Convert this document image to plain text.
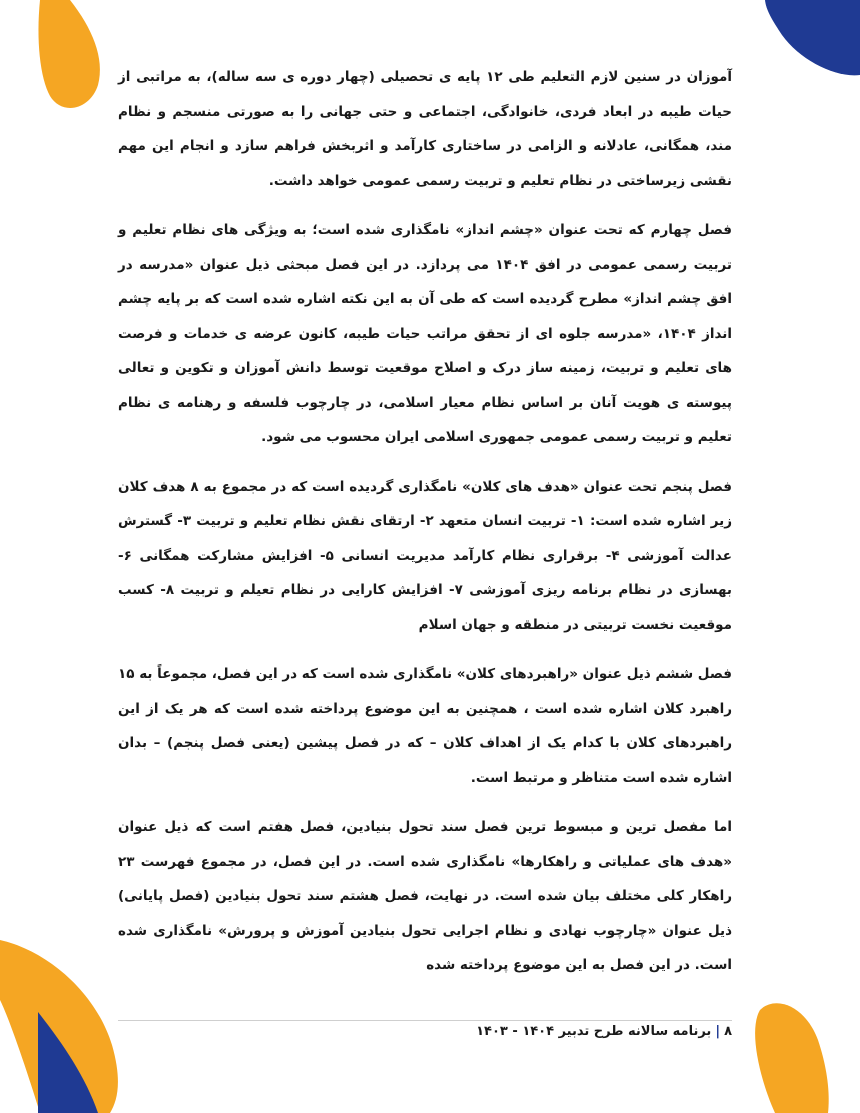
آموزان در سنین لازم التعلیم طی ۱۲ پایه ی تحصیلی (چهار دوره ی سه ساله)، به مراتبی از حیات طیبه در ابعاد فردی، خانوادگی، اجتماعی و حتی جهانی را به صورتی منسجم و نظام مند، همگانی، عادلانه و الزامی در ساختاری کارآمد و اثربخش فراهم سازد و انجام این مهم نقشی زیرساختی در نظام تعلیم و تربیت رسمی عمومی خواهد داشت.

فصل چهارم که تحت عنوان «چشم انداز» نامگذاری شده است؛ به ویژگی های نظام تعلیم و تربیت رسمی عمومی در افق ۱۴۰۴ می پردازد. در این فصل مبحثی ذیل عنوان «مدرسه در افق چشم انداز» مطرح گردیده است که طی آن به این نکته اشاره شده است که بر پایه چشم انداز ۱۴۰۴، «مدرسه جلوه ای از تحقق مراتب حیات طیبه، کانون عرضه ی خدمات و فرصت های تعلیم و تربیت، زمینه ساز درک و اصلاح موقعیت توسط دانش آموزان و تکوین و تعالی پیوسته ی هویت آنان بر اساس نظام معیار اسلامی، در چارچوب فلسفه و رهنامه ی نظام تعلیم و تربیت رسمی عمومی جمهوری اسلامی ایران محسوب می شود.

فصل پنجم تحت عنوان «هدف های کلان» نامگذاری گردیده است که در مجموع به ۸ هدف کلان زیر اشاره شده است: ۱- تربیت انسان متعهد ۲- ارتقای نقش نظام تعلیم و تربیت ۳- گسترش عدالت آموزشی ۴- برقراری نظام کارآمد مدیریت انسانی ۵- افزایش مشارکت همگانی ۶- بهسازی در نظام برنامه ریزی آموزشی ۷- افزایش کارایی در نظام تعیلم و تربیت ۸- کسب موقعیت نخست تربیتی در منطقه و جهان اسلام

فصل ششم ذیل عنوان «راهبردهای کلان» نامگذاری شده است که در این فصل، مجموعاً به ۱۵ راهبرد کلان اشاره شده است ، همچنین به این موضوع پرداخته شده است که هر یک از این راهبردهای کلان با کدام یک از اهداف کلان – که در فصل پیشین (یعنی فصل پنجم) – بدان اشاره شده است متناظر و مرتبط است.

اما مفصل ترین و مبسوط ترین فصل سند تحول بنیادین، فصل هفتم است که ذیل عنوان «هدف های عملیاتی و راهکارها» نامگذاری شده است. در این فصل، در مجموع فهرست ۲۳ راهکار کلی مختلف بیان شده است. در نهایت، فصل هشتم سند تحول بنیادین (فصل پایانی) ذیل عنوان «چارچوب نهادی و نظام اجرایی تحول بنیادین آموزش و پرورش» نامگذاری شده است. در این فصل به این موضوع پرداخته شده

۸|برنامه سالانه طرح تدبیر ۱۴۰۴ - ۱۴۰۳
